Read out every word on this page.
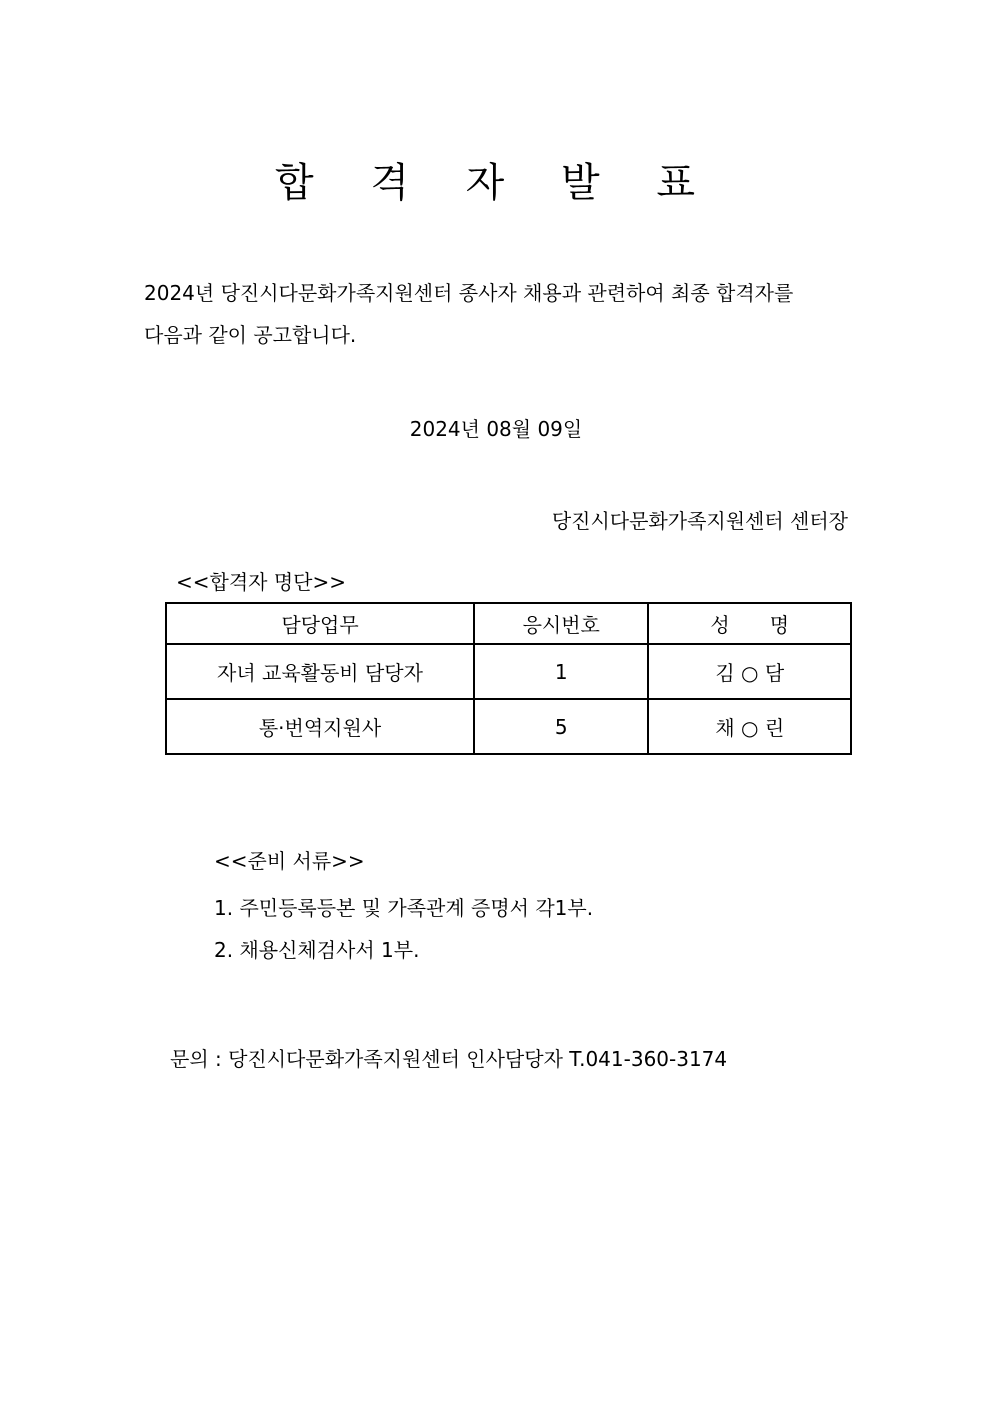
합 격 자 발 표
2024년 당진시다문화가족지원센터 종사자 채용과 관련하여 최종 합격자를
다음과 같이 공고합니다.
2024년 08월 09일
당진시다문화가족지원센터 센터장
<<합격자 명단>>
담당업무	응시번호	성　　명
자녀 교육활동비 담당자	1	김 ○ 담
통·번역지원사	5	채 ○ 린
<<준비 서류>>
1. 주민등록등본 및 가족관계 증명서 각1부.
2. 채용신체검사서 1부.
문의 : 당진시다문화가족지원센터 인사담당자 T.041-360-3174
